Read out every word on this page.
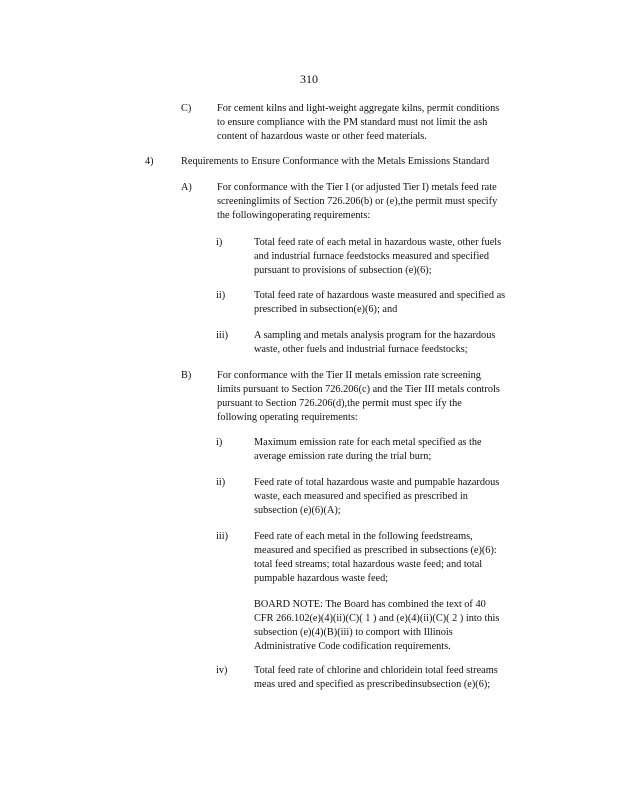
310
C) For cement kilns and light-weight aggregate kilns, permit conditions
to ensure compliance with the PM standard must not limit the ash
content of hazardous waste or other feed materials.
4)	Requirements to Ensure Conformance with the Metals Emissions Standard
A) For conformance with the Tier I (or adjusted Tier I) metals feed rate
screeninglimits of Section 726.206(b) or (e),the permit must specify
the followingoperating requirements:
i)	Total feed rate of each metal in hazardous waste, other fuels
and industrial furnace feedstocks measured and specified
pursuant to provisions of subsection (e)(6);
ii)	Total feed rate of hazardous waste measured and specified as
prescribed in subsection(e)(6); and
iii)	A sampling and metals analysis program for the hazardous
waste, other fuels and industrial furnace feedstocks;
B) For conformance with the Tier II metals emission rate screening
limits pursuant to Section 726.206(c) and the Tier III metals controls
pursuant to Section 726.206(d),the permit must spec ify the
following operating requirements:
i)	Maximum emission rate for each metal specified as the
average emission rate during the trial burn;
ii)	Feed rate of total hazardous waste and pumpable hazardous
waste, each measured and specified as prescribed in
subsection (e)(6)(A);
iii)	Feed rate of each metal in the following feedstreams,
measured and specified as prescribed in subsections (e)(6):
total feed streams; total hazardous waste feed; and total
pumpable hazardous waste feed;
BOARD NOTE: The Board has combined the text of 40
CFR 266.102(e)(4)(ii)(C)( 1 ) and (e)(4)(ii)(C)( 2 ) into this
subsection (e)(4)(B)(iii) to comport with Illinois
Administrative Code codification requirements.
iv)	Total feed rate of chlorine and chloridein total feed streams
meas ured and specified as prescribedinsubsection (e)(6);
